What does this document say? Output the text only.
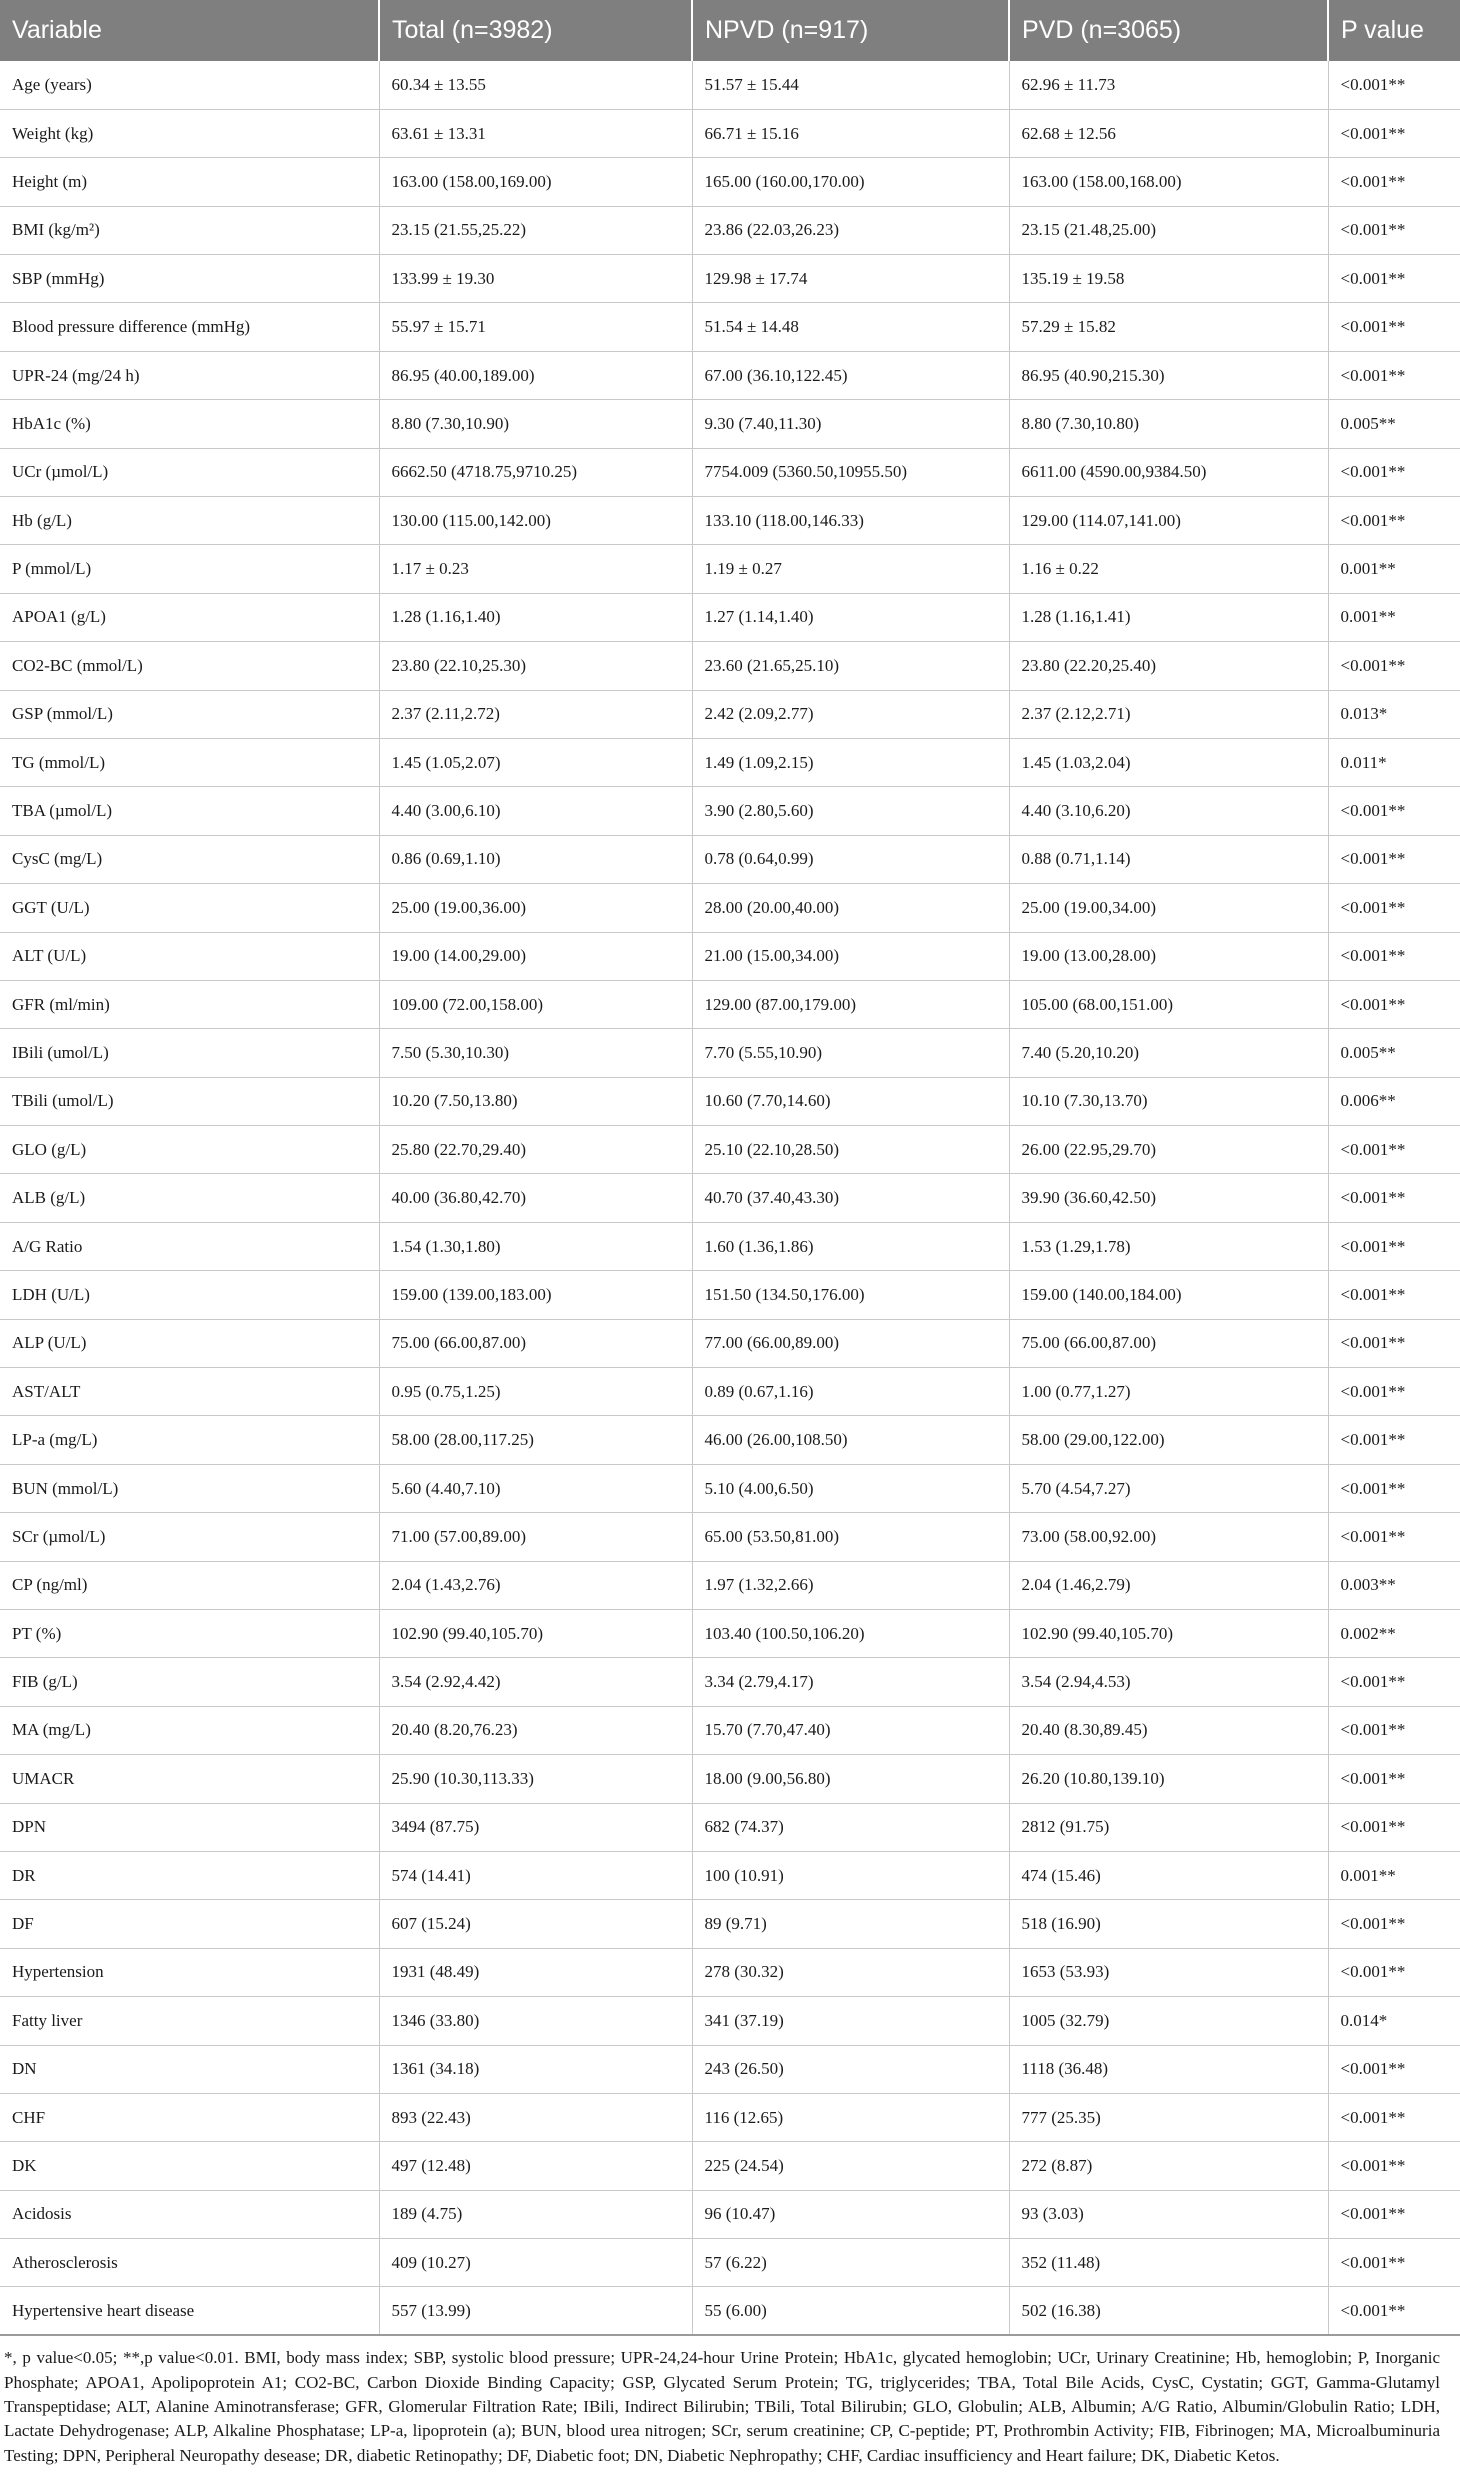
Variable	Total (n=3982)	NPVD (n=917)	PVD (n=3065)	P value
Age (years)	60.34 ± 13.55	51.57 ± 15.44	62.96 ± 11.73	<0.001**
Weight (kg)	63.61 ± 13.31	66.71 ± 15.16	62.68 ± 12.56	<0.001**
Height (m)	163.00 (158.00,169.00)	165.00 (160.00,170.00)	163.00 (158.00,168.00)	<0.001**
BMI (kg/m²)	23.15 (21.55,25.22)	23.86 (22.03,26.23)	23.15 (21.48,25.00)	<0.001**
SBP (mmHg)	133.99 ± 19.30	129.98 ± 17.74	135.19 ± 19.58	<0.001**
Blood pressure difference (mmHg)	55.97 ± 15.71	51.54 ± 14.48	57.29 ± 15.82	<0.001**
UPR-24 (mg/24 h)	86.95 (40.00,189.00)	67.00 (36.10,122.45)	86.95 (40.90,215.30)	<0.001**
HbA1c (%)	8.80 (7.30,10.90)	9.30 (7.40,11.30)	8.80 (7.30,10.80)	0.005**
UCr (µmol/L)	6662.50 (4718.75,9710.25)	7754.009 (5360.50,10955.50)	6611.00 (4590.00,9384.50)	<0.001**
Hb (g/L)	130.00 (115.00,142.00)	133.10 (118.00,146.33)	129.00 (114.07,141.00)	<0.001**
P (mmol/L)	1.17 ± 0.23	1.19 ± 0.27	1.16 ± 0.22	0.001**
APOA1 (g/L)	1.28 (1.16,1.40)	1.27 (1.14,1.40)	1.28 (1.16,1.41)	0.001**
CO2-BC (mmol/L)	23.80 (22.10,25.30)	23.60 (21.65,25.10)	23.80 (22.20,25.40)	<0.001**
GSP (mmol/L)	2.37 (2.11,2.72)	2.42 (2.09,2.77)	2.37 (2.12,2.71)	0.013*
TG (mmol/L)	1.45 (1.05,2.07)	1.49 (1.09,2.15)	1.45 (1.03,2.04)	0.011*
TBA (µmol/L)	4.40 (3.00,6.10)	3.90 (2.80,5.60)	4.40 (3.10,6.20)	<0.001**
CysC (mg/L)	0.86 (0.69,1.10)	0.78 (0.64,0.99)	0.88 (0.71,1.14)	<0.001**
GGT (U/L)	25.00 (19.00,36.00)	28.00 (20.00,40.00)	25.00 (19.00,34.00)	<0.001**
ALT (U/L)	19.00 (14.00,29.00)	21.00 (15.00,34.00)	19.00 (13.00,28.00)	<0.001**
GFR (ml/min)	109.00 (72.00,158.00)	129.00 (87.00,179.00)	105.00 (68.00,151.00)	<0.001**
IBili (umol/L)	7.50 (5.30,10.30)	7.70 (5.55,10.90)	7.40 (5.20,10.20)	0.005**
TBili (umol/L)	10.20 (7.50,13.80)	10.60 (7.70,14.60)	10.10 (7.30,13.70)	0.006**
GLO (g/L)	25.80 (22.70,29.40)	25.10 (22.10,28.50)	26.00 (22.95,29.70)	<0.001**
ALB (g/L)	40.00 (36.80,42.70)	40.70 (37.40,43.30)	39.90 (36.60,42.50)	<0.001**
A/G Ratio	1.54 (1.30,1.80)	1.60 (1.36,1.86)	1.53 (1.29,1.78)	<0.001**
LDH (U/L)	159.00 (139.00,183.00)	151.50 (134.50,176.00)	159.00 (140.00,184.00)	<0.001**
ALP (U/L)	75.00 (66.00,87.00)	77.00 (66.00,89.00)	75.00 (66.00,87.00)	<0.001**
AST/ALT	0.95 (0.75,1.25)	0.89 (0.67,1.16)	1.00 (0.77,1.27)	<0.001**
LP-a (mg/L)	58.00 (28.00,117.25)	46.00 (26.00,108.50)	58.00 (29.00,122.00)	<0.001**
BUN (mmol/L)	5.60 (4.40,7.10)	5.10 (4.00,6.50)	5.70 (4.54,7.27)	<0.001**
SCr (µmol/L)	71.00 (57.00,89.00)	65.00 (53.50,81.00)	73.00 (58.00,92.00)	<0.001**
CP (ng/ml)	2.04 (1.43,2.76)	1.97 (1.32,2.66)	2.04 (1.46,2.79)	0.003**
PT (%)	102.90 (99.40,105.70)	103.40 (100.50,106.20)	102.90 (99.40,105.70)	0.002**
FIB (g/L)	3.54 (2.92,4.42)	3.34 (2.79,4.17)	3.54 (2.94,4.53)	<0.001**
MA (mg/L)	20.40 (8.20,76.23)	15.70 (7.70,47.40)	20.40 (8.30,89.45)	<0.001**
UMACR	25.90 (10.30,113.33)	18.00 (9.00,56.80)	26.20 (10.80,139.10)	<0.001**
DPN	3494 (87.75)	682 (74.37)	2812 (91.75)	<0.001**
DR	574 (14.41)	100 (10.91)	474 (15.46)	0.001**
DF	607 (15.24)	89 (9.71)	518 (16.90)	<0.001**
Hypertension	1931 (48.49)	278 (30.32)	1653 (53.93)	<0.001**
Fatty liver	1346 (33.80)	341 (37.19)	1005 (32.79)	0.014*
DN	1361 (34.18)	243 (26.50)	1118 (36.48)	<0.001**
CHF	893 (22.43)	116 (12.65)	777 (25.35)	<0.001**
DK	497 (12.48)	225 (24.54)	272 (8.87)	<0.001**
Acidosis	189 (4.75)	96 (10.47)	93 (3.03)	<0.001**
Atherosclerosis	409 (10.27)	57 (6.22)	352 (11.48)	<0.001**
Hypertensive heart disease	557 (13.99)	55 (6.00)	502 (16.38)	<0.001**
*, p value<0.05; **,p value<0.01. BMI, body mass index; SBP, systolic blood pressure; UPR-24,24-hour Urine Protein; HbA1c, glycated hemoglobin; UCr, Urinary Creatinine; Hb, hemoglobin; P, Inorganic Phosphate; APOA1, Apolipoprotein A1; CO2-BC, Carbon Dioxide Binding Capacity; GSP, Glycated Serum Protein; TG, triglycerides; TBA, Total Bile Acids, CysC, Cystatin; GGT, Gamma-Glutamyl Transpeptidase; ALT, Alanine Aminotransferase; GFR, Glomerular Filtration Rate; IBili, Indirect Bilirubin; TBili, Total Bilirubin; GLO, Globulin; ALB, Albumin; A/G Ratio, Albumin/Globulin Ratio; LDH, Lactate Dehydrogenase; ALP, Alkaline Phosphatase; LP-a, lipoprotein (a); BUN, blood urea nitrogen; SCr, serum creatinine; CP, C-peptide; PT, Prothrombin Activity; FIB, Fibrinogen; MA, Microalbuminuria Testing; DPN, Peripheral Neuropathy desease; DR, diabetic Retinopathy; DF, Diabetic foot; DN, Diabetic Nephropathy; CHF, Cardiac insufficiency and Heart failure; DK, Diabetic Ketos.
